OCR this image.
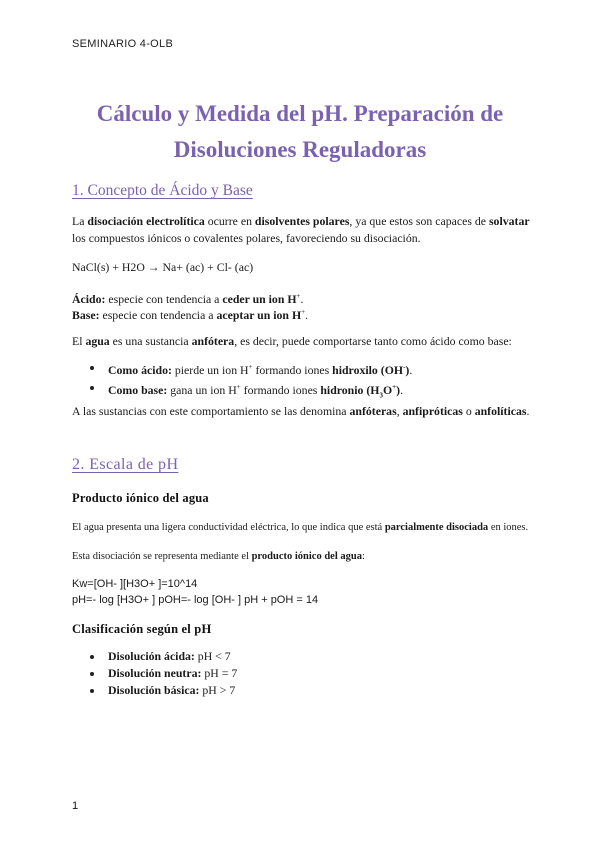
SEMINARIO 4-OLB
Cálculo y Medida del pH. Preparación de
Disoluciones Reguladoras
1. Concepto de Ácido y Base
La disociación electrolítica ocurre en disolventes polares, ya que estos son capaces de solvatar los compuestos iónicos o covalentes polares, favoreciendo su disociación.
NaCl(s) + H2O → Na+ (ac) + Cl- (ac)
Ácido: especie con tendencia a ceder un ion H+.
Base: especie con tendencia a aceptar un ion H+.
El agua es una sustancia anfótera, es decir, puede comportarse tanto como ácido como base:
Como ácido: pierde un ion H+ formando iones hidroxilo (OH-).
Como base: gana un ion H+ formando iones hidronio $(H_3O^+)$.
A las sustancias con este comportamiento se las denomina anfóteras, anfipróticas o anfolíticas.
2. Escala de pH
Producto iónico del agua
El agua presenta una ligera conductividad eléctrica, lo que indica que está parcialmente disociada en iones.
Esta disociación se representa mediante el producto iónico del agua:
Kw=[OH- ][H3O+ ]=10^14
pH=- log [H3O+ ] pOH=- log [OH- ] pH + pOH = 14
Clasificación según el pH
Disolución ácida: pH < 7
Disolución neutra: pH = 7
Disolución básica: pH > 7
1
